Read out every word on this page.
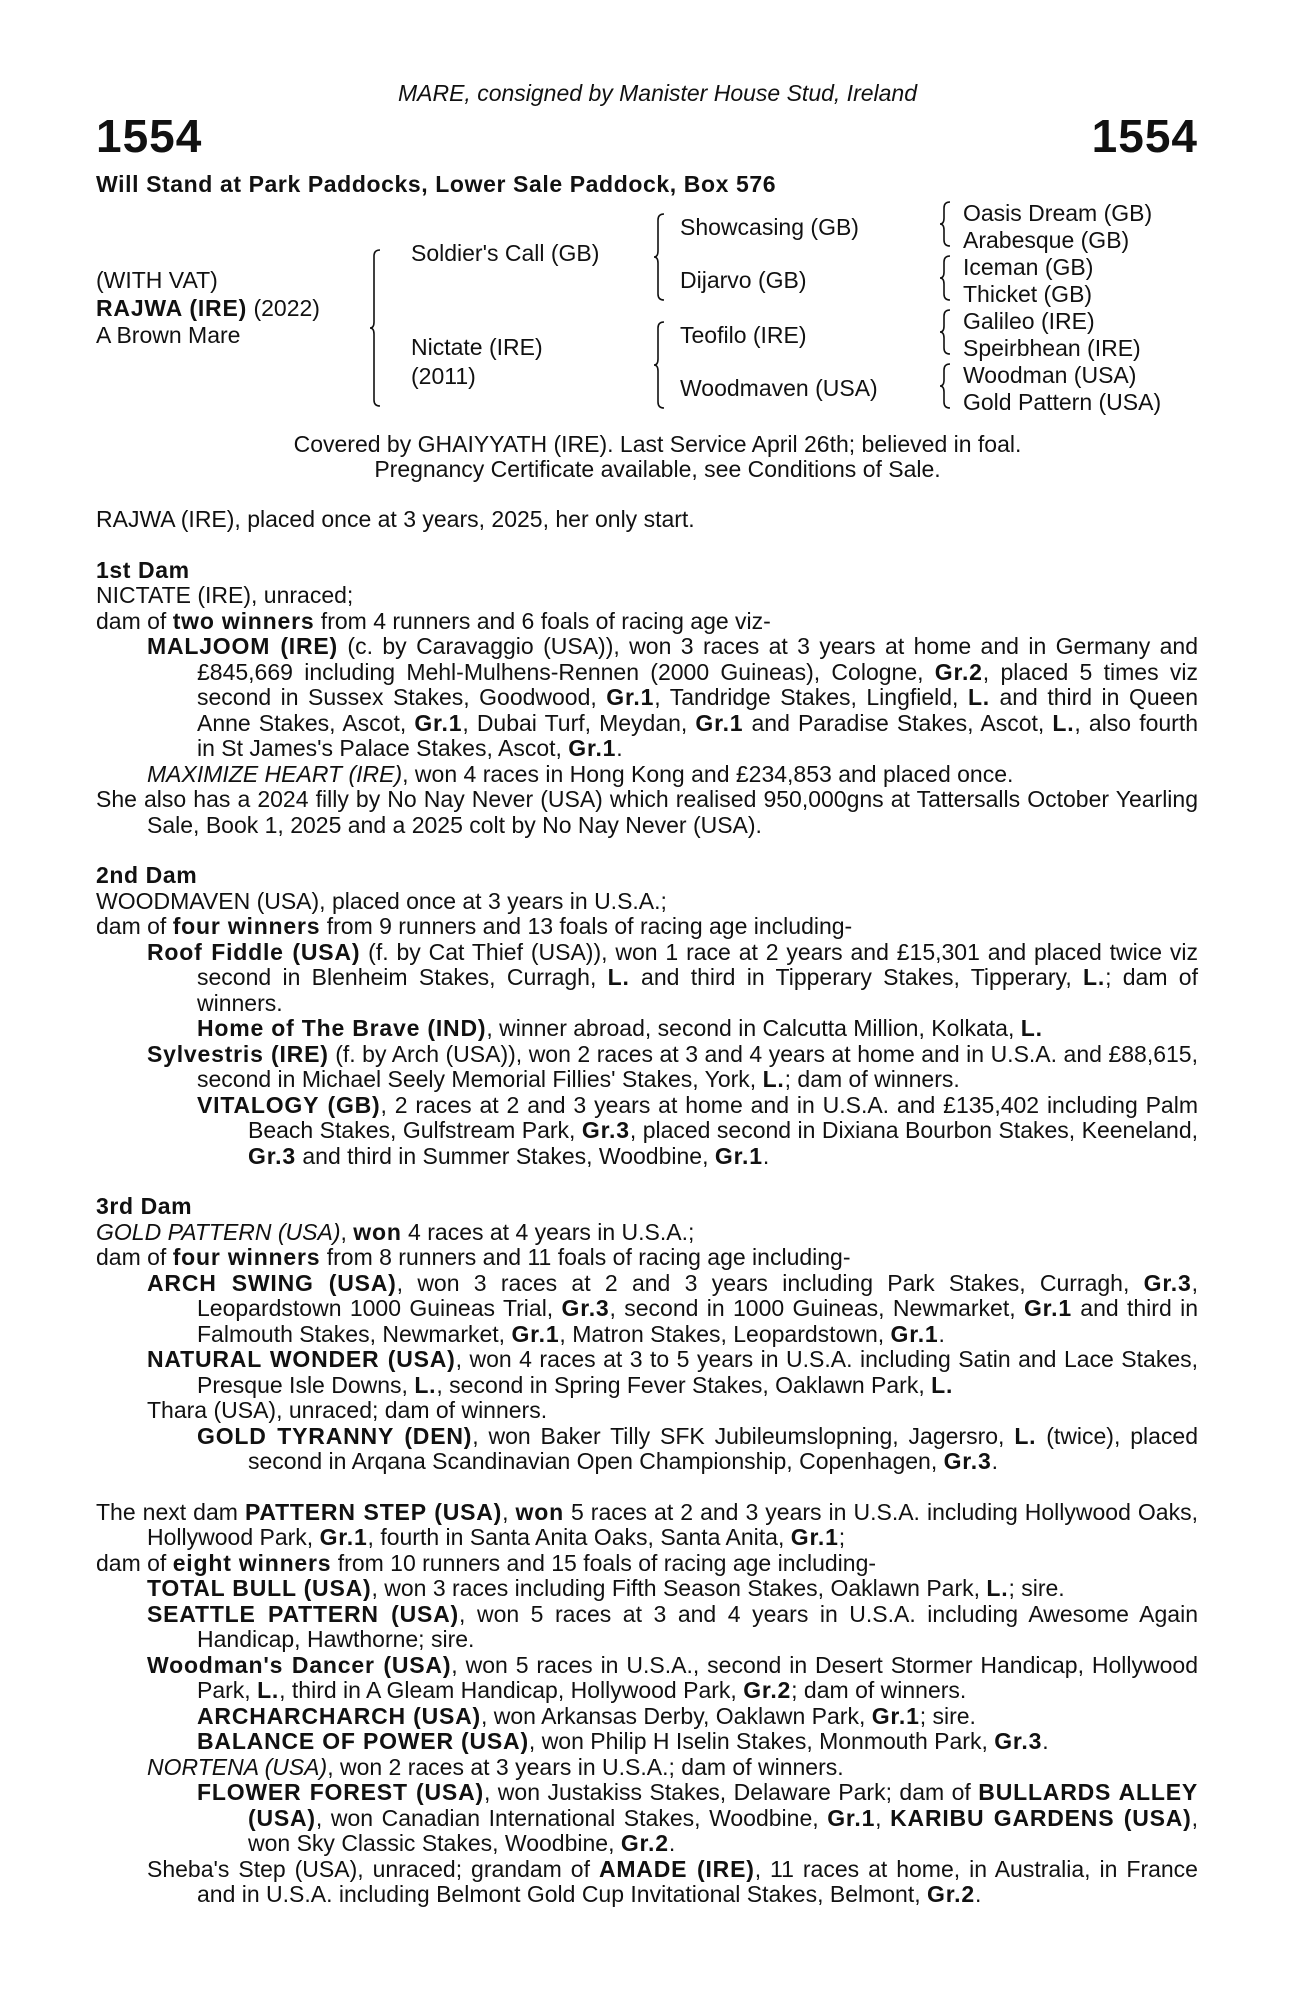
MARE, consigned by Manister House Stud, Ireland
1554	1554
Will Stand at Park Paddocks, Lower Sale Paddock, Box 576
(WITH VAT)
RAJWA (IRE) (2022)
A Brown Mare
Soldier's Call (GB)
Nictate (IRE)
(2011)
Showcasing (GB)
Dijarvo (GB)
Teofilo (IRE)
Woodmaven (USA)
Oasis Dream (GB)
Arabesque (GB)
Iceman (GB)
Thicket (GB)
Galileo (IRE)
Speirbhean (IRE)
Woodman (USA)
Gold Pattern (USA)
Covered by GHAIYYATH (IRE). Last Service April 26th; believed in foal.
Pregnancy Certificate available, see Conditions of Sale.
RAJWA (IRE), placed once at 3 years, 2025, her only start.
1st Dam
NICTATE (IRE), unraced;
dam of two winners from 4 runners and 6 foals of racing age viz-
MALJOOM (IRE) (c. by Caravaggio (USA)), won 3 races at 3 years at home and in Germany and £845,669 including Mehl-Mulhens-Rennen (2000 Guineas), Cologne, Gr.2, placed 5 times viz second in Sussex Stakes, Goodwood, Gr.1, Tandridge Stakes, Lingfield, L. and third in Queen Anne Stakes, Ascot, Gr.1, Dubai Turf, Meydan, Gr.1 and Paradise Stakes, Ascot, L., also fourth in St James's Palace Stakes, Ascot, Gr.1.
MAXIMIZE HEART (IRE), won 4 races in Hong Kong and £234,853 and placed once.
She also has a 2024 filly by No Nay Never (USA) which realised 950,000gns at Tattersalls October Yearling Sale, Book 1, 2025 and a 2025 colt by No Nay Never (USA).
2nd Dam
WOODMAVEN (USA), placed once at 3 years in U.S.A.;
dam of four winners from 9 runners and 13 foals of racing age including-
Roof Fiddle (USA) (f. by Cat Thief (USA)), won 1 race at 2 years and £15,301 and placed twice viz second in Blenheim Stakes, Curragh, L. and third in Tipperary Stakes, Tipperary, L.; dam of winners.
Home of The Brave (IND), winner abroad, second in Calcutta Million, Kolkata, L.
Sylvestris (IRE) (f. by Arch (USA)), won 2 races at 3 and 4 years at home and in U.S.A. and £88,615, second in Michael Seely Memorial Fillies' Stakes, York, L.; dam of winners.
VITALOGY (GB), 2 races at 2 and 3 years at home and in U.S.A. and £135,402 including Palm Beach Stakes, Gulfstream Park, Gr.3, placed second in Dixiana Bourbon Stakes, Keeneland, Gr.3 and third in Summer Stakes, Woodbine, Gr.1.
3rd Dam
GOLD PATTERN (USA), won 4 races at 4 years in U.S.A.;
dam of four winners from 8 runners and 11 foals of racing age including-
ARCH SWING (USA), won 3 races at 2 and 3 years including Park Stakes, Curragh, Gr.3, Leopardstown 1000 Guineas Trial, Gr.3, second in 1000 Guineas, Newmarket, Gr.1 and third in Falmouth Stakes, Newmarket, Gr.1, Matron Stakes, Leopardstown, Gr.1.
NATURAL WONDER (USA), won 4 races at 3 to 5 years in U.S.A. including Satin and Lace Stakes, Presque Isle Downs, L., second in Spring Fever Stakes, Oaklawn Park, L.
Thara (USA), unraced; dam of winners.
GOLD TYRANNY (DEN), won Baker Tilly SFK Jubileumslopning, Jagersro, L. (twice), placed second in Arqana Scandinavian Open Championship, Copenhagen, Gr.3.
The next dam PATTERN STEP (USA), won 5 races at 2 and 3 years in U.S.A. including Hollywood Oaks, Hollywood Park, Gr.1, fourth in Santa Anita Oaks, Santa Anita, Gr.1;
dam of eight winners from 10 runners and 15 foals of racing age including-
TOTAL BULL (USA), won 3 races including Fifth Season Stakes, Oaklawn Park, L.; sire.
SEATTLE PATTERN (USA), won 5 races at 3 and 4 years in U.S.A. including Awesome Again Handicap, Hawthorne; sire.
Woodman's Dancer (USA), won 5 races in U.S.A., second in Desert Stormer Handicap, Hollywood Park, L., third in A Gleam Handicap, Hollywood Park, Gr.2; dam of winners.
ARCHARCHARCH (USA), won Arkansas Derby, Oaklawn Park, Gr.1; sire.
BALANCE OF POWER (USA), won Philip H Iselin Stakes, Monmouth Park, Gr.3.
NORTENA (USA), won 2 races at 3 years in U.S.A.; dam of winners.
FLOWER FOREST (USA), won Justakiss Stakes, Delaware Park; dam of BULLARDS ALLEY (USA), won Canadian International Stakes, Woodbine, Gr.1, KARIBU GARDENS (USA), won Sky Classic Stakes, Woodbine, Gr.2.
Sheba's Step (USA), unraced; grandam of AMADE (IRE), 11 races at home, in Australia, in France and in U.S.A. including Belmont Gold Cup Invitational Stakes, Belmont, Gr.2.
